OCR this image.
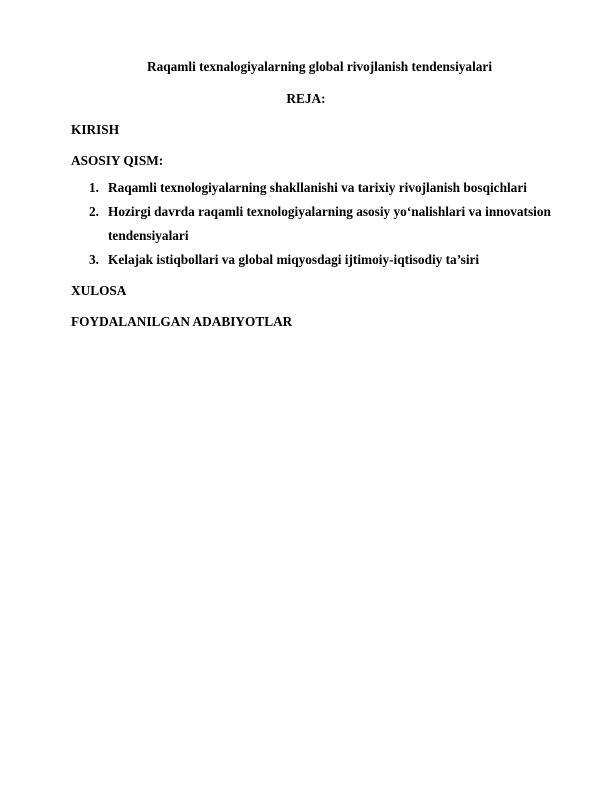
Raqamli texnalogiyalarning global rivojlanish tendensiyalari
REJA:
KIRISH
ASOSIY QISM:
1. Raqamli texnologiyalarning shakllanishi va tarixiy rivojlanish bosqichlari
2. Hozirgi davrda raqamli texnologiyalarning asosiy yo‘nalishlari va innovatsion
tendensiyalari
3. Kelajak istiqbollari va global miqyosdagi ijtimoiy-iqtisodiy ta’siri
XULOSA
FOYDALANILGAN ADABIYOTLAR
